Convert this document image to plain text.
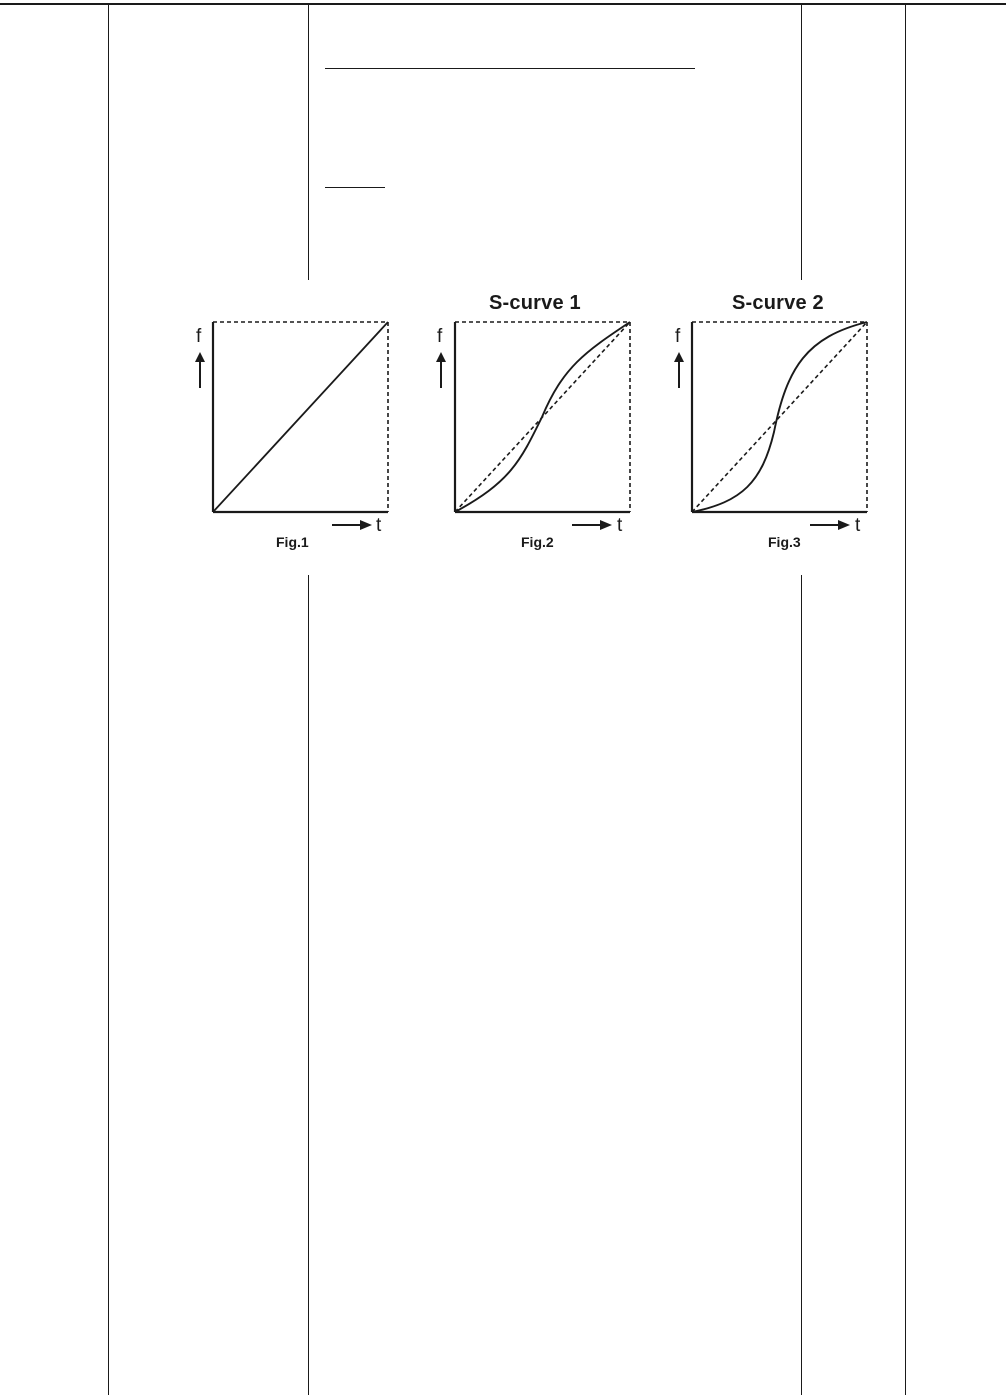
f
t
Fig.1
S-curve 1
f
t
Fig.2
S-curve 2
f
t
Fig.3
